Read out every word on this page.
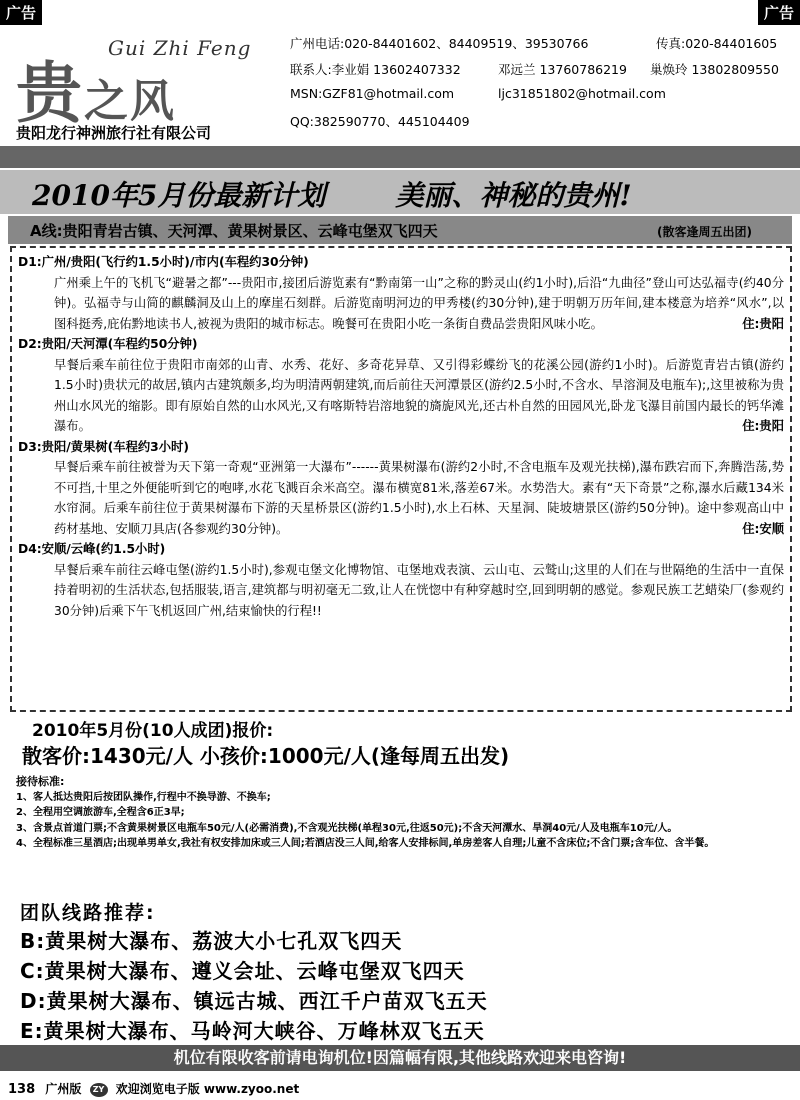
广告	广告
Gui Zhi Feng
贵之风
贵阳龙行神洲旅行社有限公司
广州电话:020-84401602、84409519、39530766	传真:020-84401605
联系人:李业娟 13602407332	邓远兰 13760786219 巢焕玲 13802809550
MSN:GZF81@hotmail.com	ljc31851802@hotmail.com
QQ:382590770、445104409
2010年5月份最新计划	美丽、神秘的贵州!
A线:贵阳青岩古镇、天河潭、黄果树景区、云峰屯堡双飞四天	(散客逢周五出团)
D1:广州/贵阳(飞行约1.5小时)/市内(车程约30分钟)
广州乘上午的飞机飞“避暑之都”---贵阳市,接团后游览素有“黔南第一山”之称的黔灵山(约1小时),后沿“九曲径”登山可达弘福寺(约40分钟)。弘福寺与山简的麒麟洞及山上的摩崖石刻群。后游览南明河边的甲秀楼(约30分钟),建于明朝万历年间,建本楼意为培养“风水”,以图科挺秀,庇佑黔地读书人,被视为贵阳的城市标志。晚餐可在贵阳小吃一条街自费品尝贵阳风味小吃。	住:贵阳
D2:贵阳/天河潭(车程约50分钟)
早餐后乘车前往位于贵阳市南郊的山青、水秀、花好、多奇花异草、又引得彩蝶纷飞的花溪公园(游约1小时)。后游览青岩古镇(游约1.5小时)贵状元的故居,镇内古建筑颇多,均为明清两朝建筑,而后前往天河潭景区(游约2.5小时,不含水、旱溶洞及电瓶车);,这里被称为贵州山水风光的缩影。即有原始自然的山水风光,又有喀斯特岩溶地貌的旖旎风光,还古朴自然的田园风光,卧龙飞瀑目前国内最长的钙华滩瀑布。	住:贵阳
D3:贵阳/黄果树(车程约3小时)
早餐后乘车前往被誉为天下第一奇观“亚洲第一大瀑布”------黄果树瀑布(游约2小时,不含电瓶车及观光扶梯),瀑布跌宕而下,奔腾浩荡,势不可挡,十里之外便能听到它的咆哮,水花飞溅百余米高空。瀑布横宽81米,落差67米。水势浩大。素有“天下奇景”之称,瀑水后藏134米水帘洞。后乘车前往位于黄果树瀑布下游的天星桥景区(游约1.5小时),水上石林、天星洞、陡坡塘景区(游约50分钟)。途中参观高山中药材基地、安顺刀具店(各参观约30分钟)。	住:安顺
D4:安顺/云峰(约1.5小时)
早餐后乘车前往云峰屯堡(游约1.5小时),参观屯堡文化博物馆、屯堡地戏表演、云山屯、云鹫山;这里的人们在与世隔绝的生活中一直保持着明初的生活状态,包括服装,语言,建筑都与明初毫无二致,让人在恍惚中有种穿越时空,回到明朝的感觉。参观民族工艺蜡染厂(参观约30分钟)后乘下午飞机返回广州,结束愉快的行程!!
2010年5月份(10人成团)报价:
散客价:1430元/人 小孩价:1000元/人(逢每周五出发)
接待标准:
1、客人抵达贵阳后按团队操作,行程中不换导游、不换车;
2、全程用空调旅游车,全程含6正3早;
3、含景点首道门票;不含黄果树景区电瓶车50元/人(必需消费),不含观光扶梯(单程30元,往返50元);不含天河潭水、旱洞40元/人及电瓶车10元/人。
4、全程标准三星酒店;出现单男单女,我社有权安排加床或三人间;若酒店没三人间,给客人安排标间,单房差客人自理;儿童不含床位;不含门票;含车位、含半餐。
团队线路推荐:
B:黄果树大瀑布、荔波大小七孔双飞四天
C:黄果树大瀑布、遵义会址、云峰屯堡双飞四天
D:黄果树大瀑布、镇远古城、西江千户苗双飞五天
E:黄果树大瀑布、马岭河大峡谷、万峰林双飞五天
机位有限收客前请电询机位!因篇幅有限,其他线路欢迎来电咨询!
138 广州版 ZY 欢迎浏览电子版 www.zyoo.net
